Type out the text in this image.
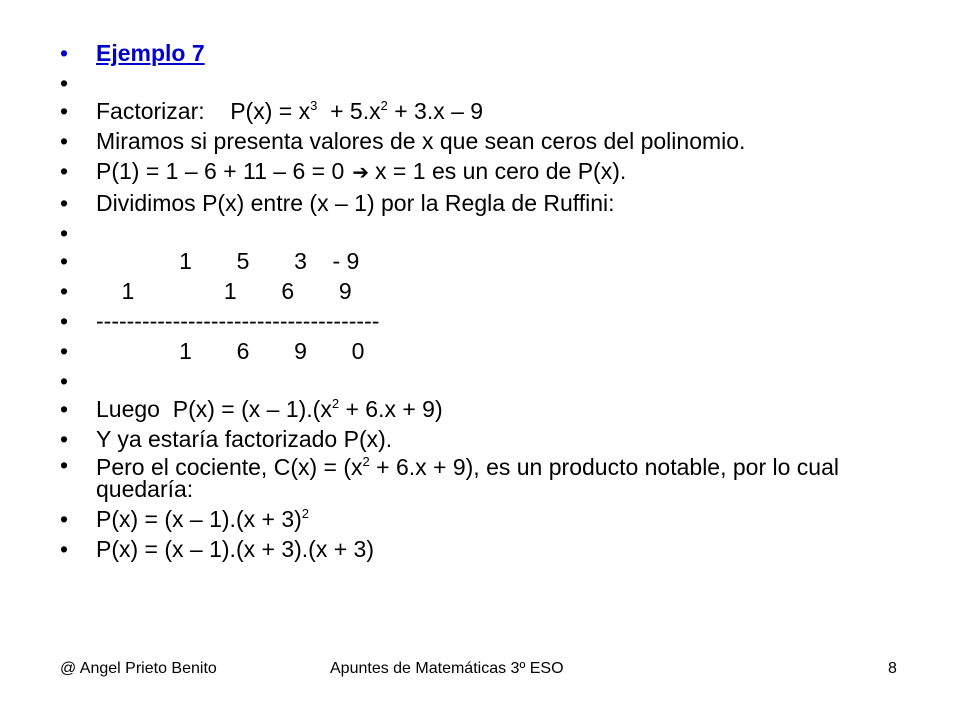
• Ejemplo 7
•
• Factorizar: $P(x) = x^3 + 5.x^2 + 3.x - 9$
• Miramos si presenta valores de x que sean ceros del polinomio.
• P(1) = 1 – 6 + 11 – 6 = 0 ➔ x = 1 es un cero de P(x).
• Dividimos P(x) entre (x – 1) por la Regla de Ruffini:
•
•              1       5       3    - 9
•     1              1       6       9
• -------------------------------------
•              1       6       9       0
•
• Luego  $P(x) = (x - 1).(x^2 + 6.x + 9)$
• Y ya estaría factorizado P(x).
• Pero el cociente, $C(x) = (x^2 + 6.x + 9)$, es un producto notable, por lo cual quedaría:
• $P(x) = (x - 1).(x + 3)^2$
• P(x) = (x – 1).(x + 3).(x + 3)
@ Angel Prieto Benito	Apuntes de Matemáticas 3º ESO	8
